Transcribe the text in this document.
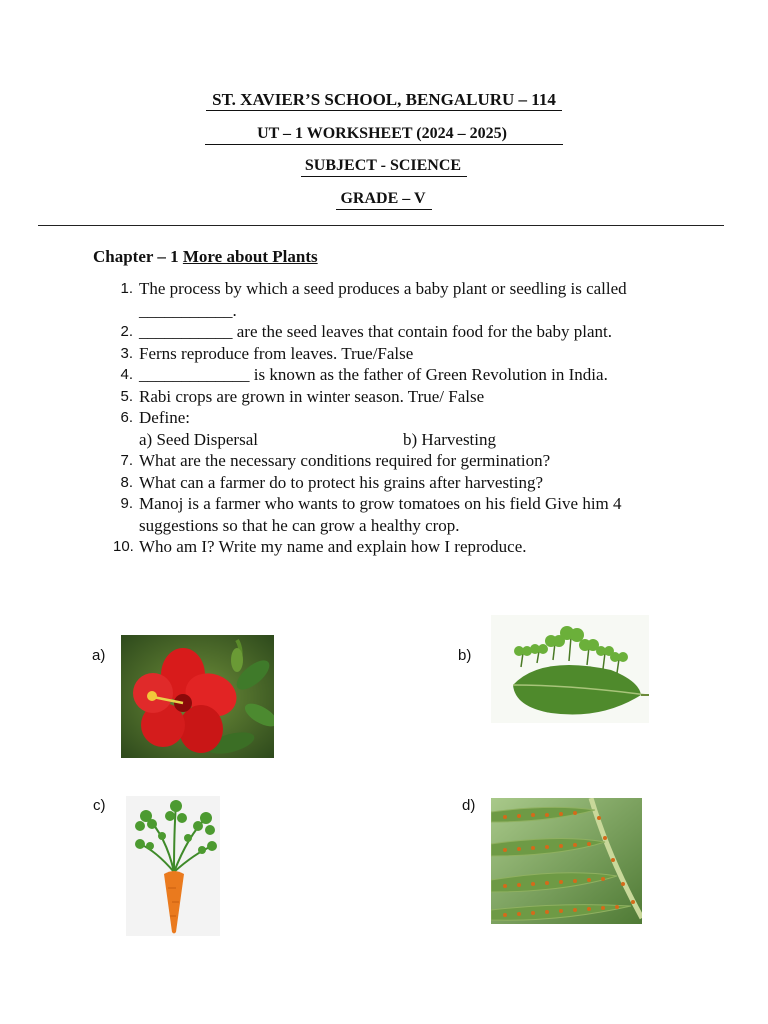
ST. XAVIER’S SCHOOL, BENGALURU – 114
UT – 1 WORKSHEET (2024 – 2025)
SUBJECT - SCIENCE
GRADE – V
Chapter – 1 More about Plants
1. The process by which a seed produces a baby plant or seedling is called ___________.
2. ___________ are the seed leaves that contain food for the baby plant.
3. Ferns reproduce from leaves. True/False
4. _____________ is known as the father of Green Revolution in India.
5. Rabi crops are grown in winter season. True/ False
6. Define:
a) Seed Dispersal	b) Harvesting
7. What are the necessary conditions required for germination?
8. What can a farmer do to protect his grains after harvesting?
9. Manoj is a farmer who wants to grow tomatoes on his field Give him 4 suggestions so that he can grow a healthy crop.
10. Who am I? Write my name and explain how I reproduce.
a)	b)
c)	d)
